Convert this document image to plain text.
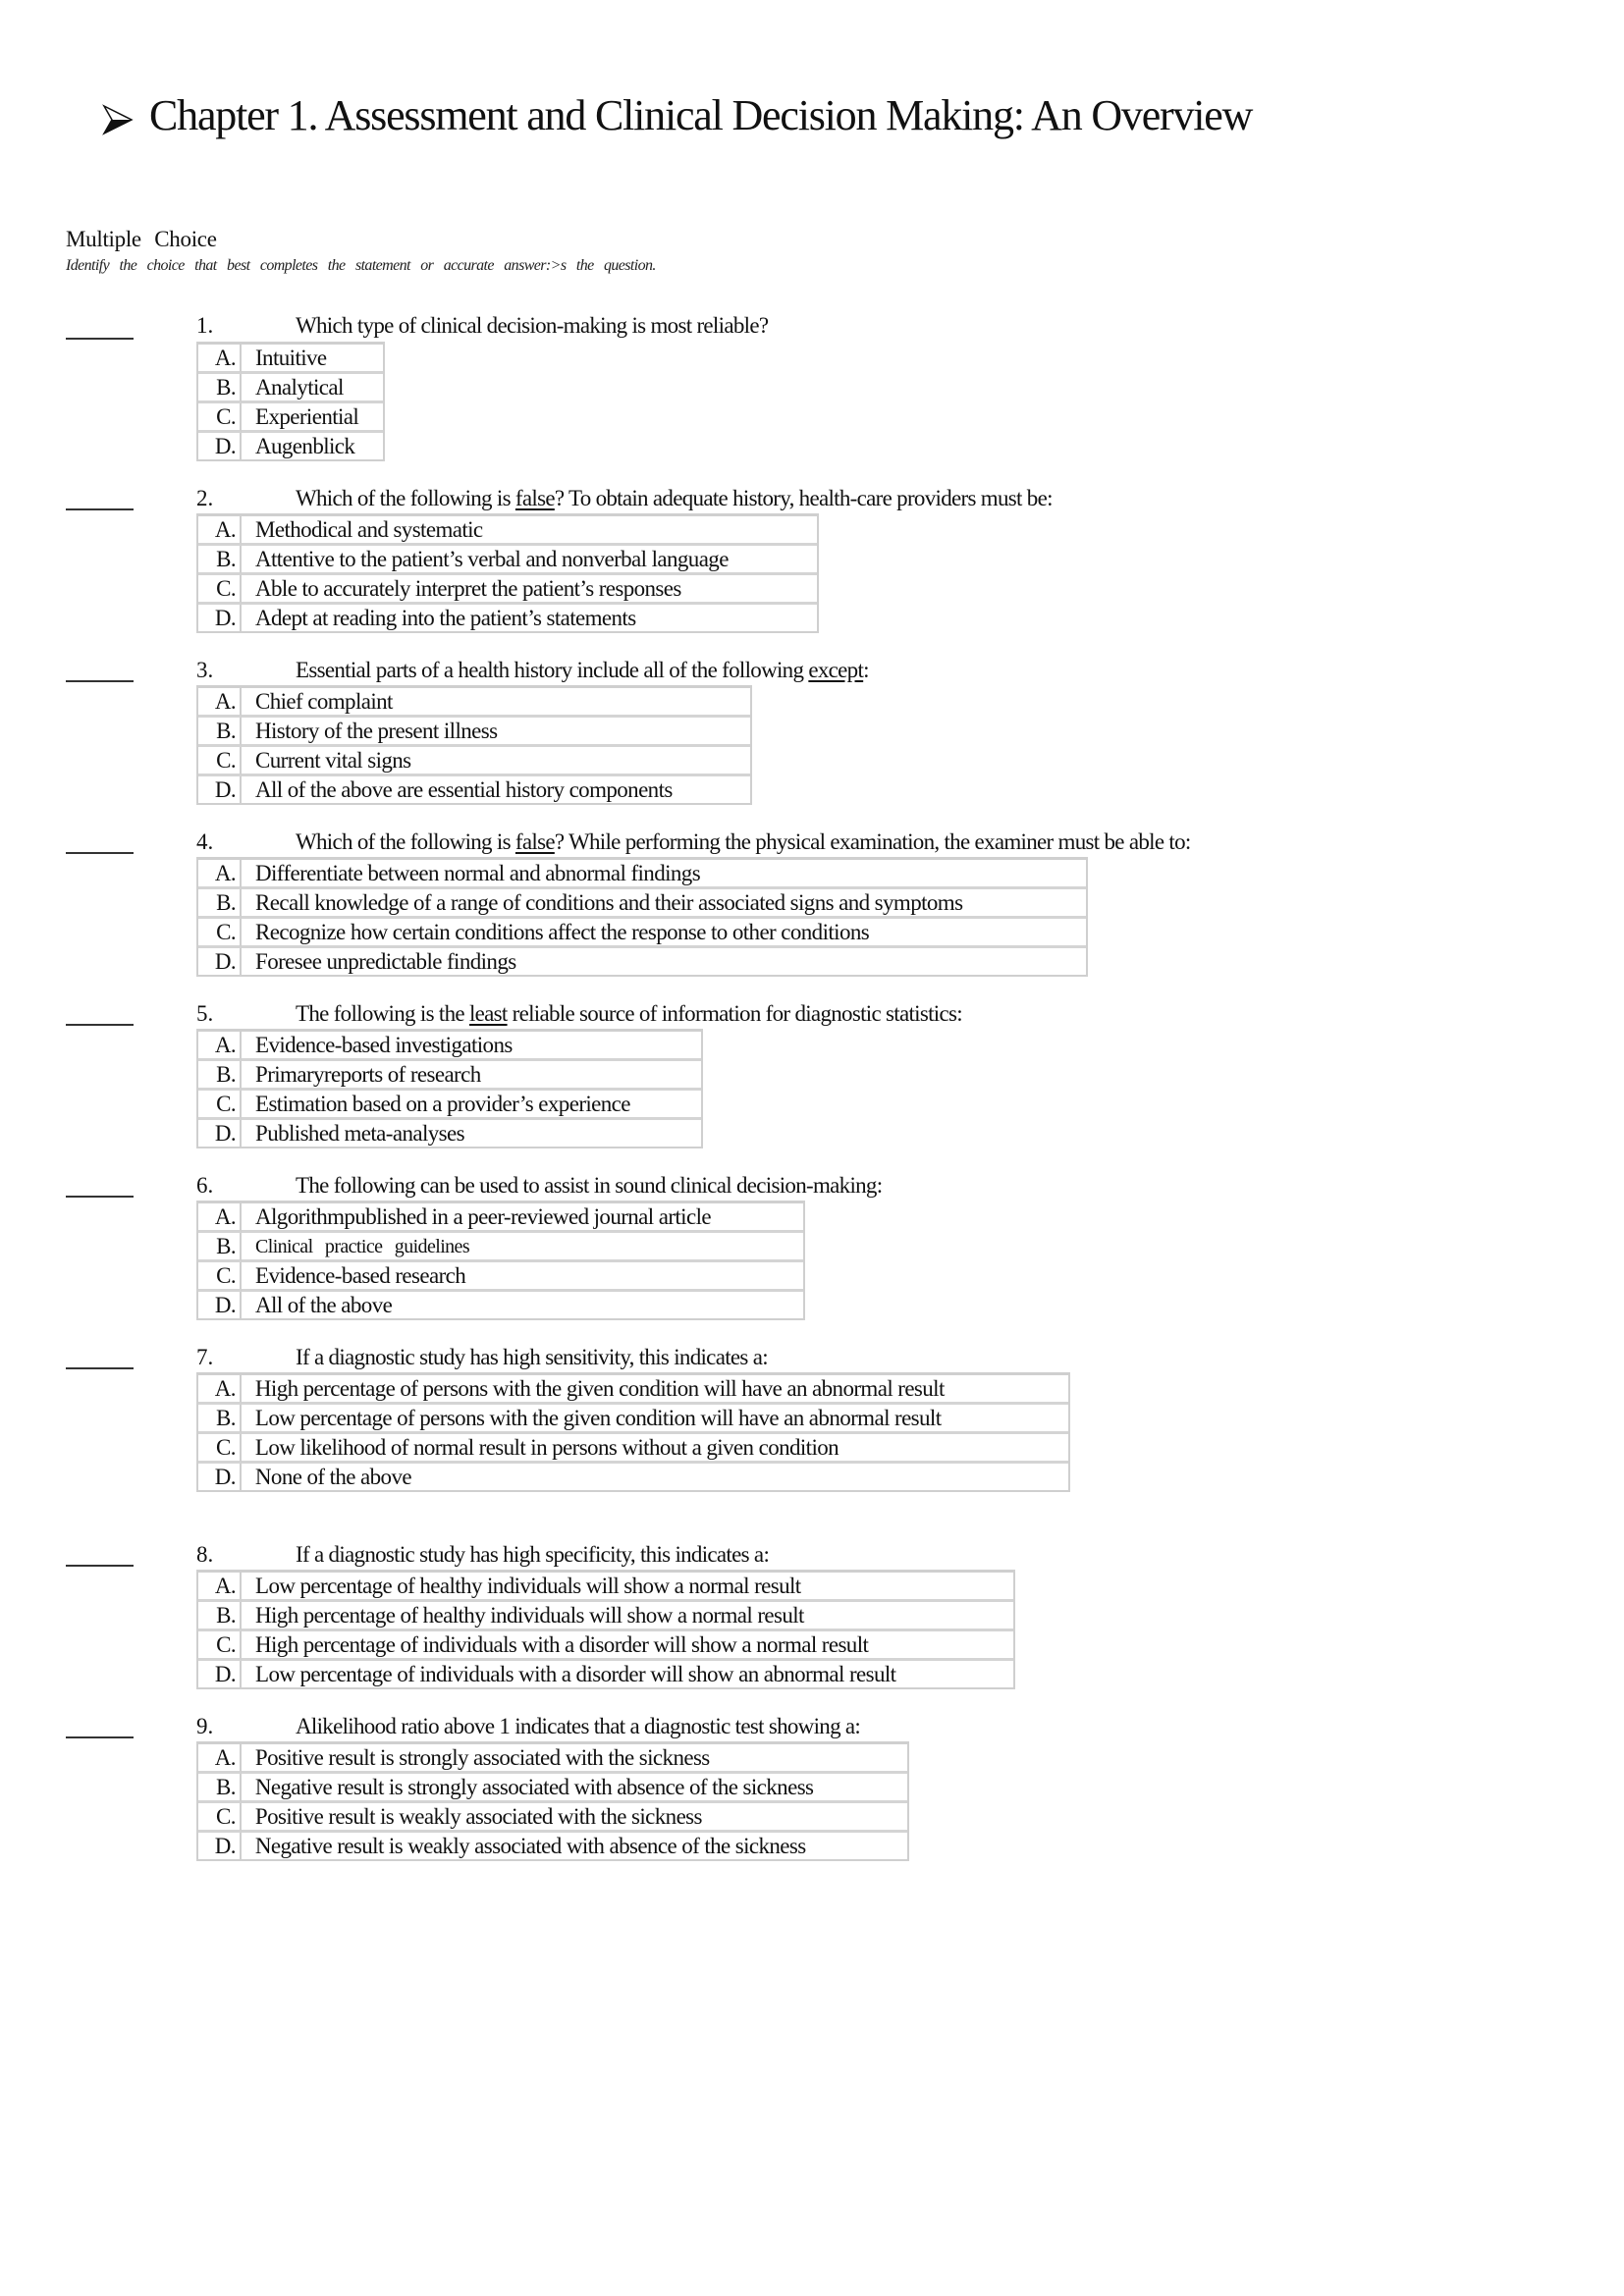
Chapter 1. Assessment and Clinical Decision Making: An Overview
Multiple Choice
Identify the choice that best completes the statement or accurate answer:>s the question.
1.	Which type of clinical decision-making is most reliable?
A.	Intuitive
B.	Analytical
C.	Experiential
D.	Augenblick
2.	Which of the following is false? To obtain adequate history, health-care providers must be:
A.	Methodical and systematic
B.	Attentive to the patient’s verbal and nonverbal language
C.	Able to accurately interpret the patient’s responses
D.	Adept at reading into the patient’s statements
3.	Essential parts of a health history include all of the following except:
A.	Chief complaint
B.	History of the present illness
C.	Current vital signs
D.	All of the above are essential history components
4.	Which of the following is false? While performing the physical examination, the examiner must be able to:
A.	Differentiate between normal and abnormal findings
B.	Recall knowledge of a range of conditions and their associated signs and symptoms
C.	Recognize how certain conditions affect the response to other conditions
D.	Foresee unpredictable findings
5.	The following is the least reliable source of information for diagnostic statistics:
A.	Evidence-based investigations
B.	Primaryreports of research
C.	Estimation based on a provider’s experience
D.	Published meta-analyses
6.	The following can be used to assist in sound clinical decision-making:
A.	Algorithmpublished in a peer-reviewed journal article
B.	Clinical practice guidelines
C.	Evidence-based research
D.	All of the above
7.	If a diagnostic study has high sensitivity, this indicates a:
A.	High percentage of persons with the given condition will have an abnormal result
B.	Low percentage of persons with the given condition will have an abnormal result
C.	Low likelihood of normal result in persons without a given condition
D.	None of the above
8.	If a diagnostic study has high specificity, this indicates a:
A.	Low percentage of healthy individuals will show a normal result
B.	High percentage of healthy individuals will show a normal result
C.	High percentage of individuals with a disorder will show a normal result
D.	Low percentage of individuals with a disorder will show an abnormal result
9.	Alikelihood ratio above 1 indicates that a diagnostic test showing a:
A.	Positive result is strongly associated with the sickness
B.	Negative result is strongly associated with absence of the sickness
C.	Positive result is weakly associated with the sickness
D.	Negative result is weakly associated with absence of the sickness
